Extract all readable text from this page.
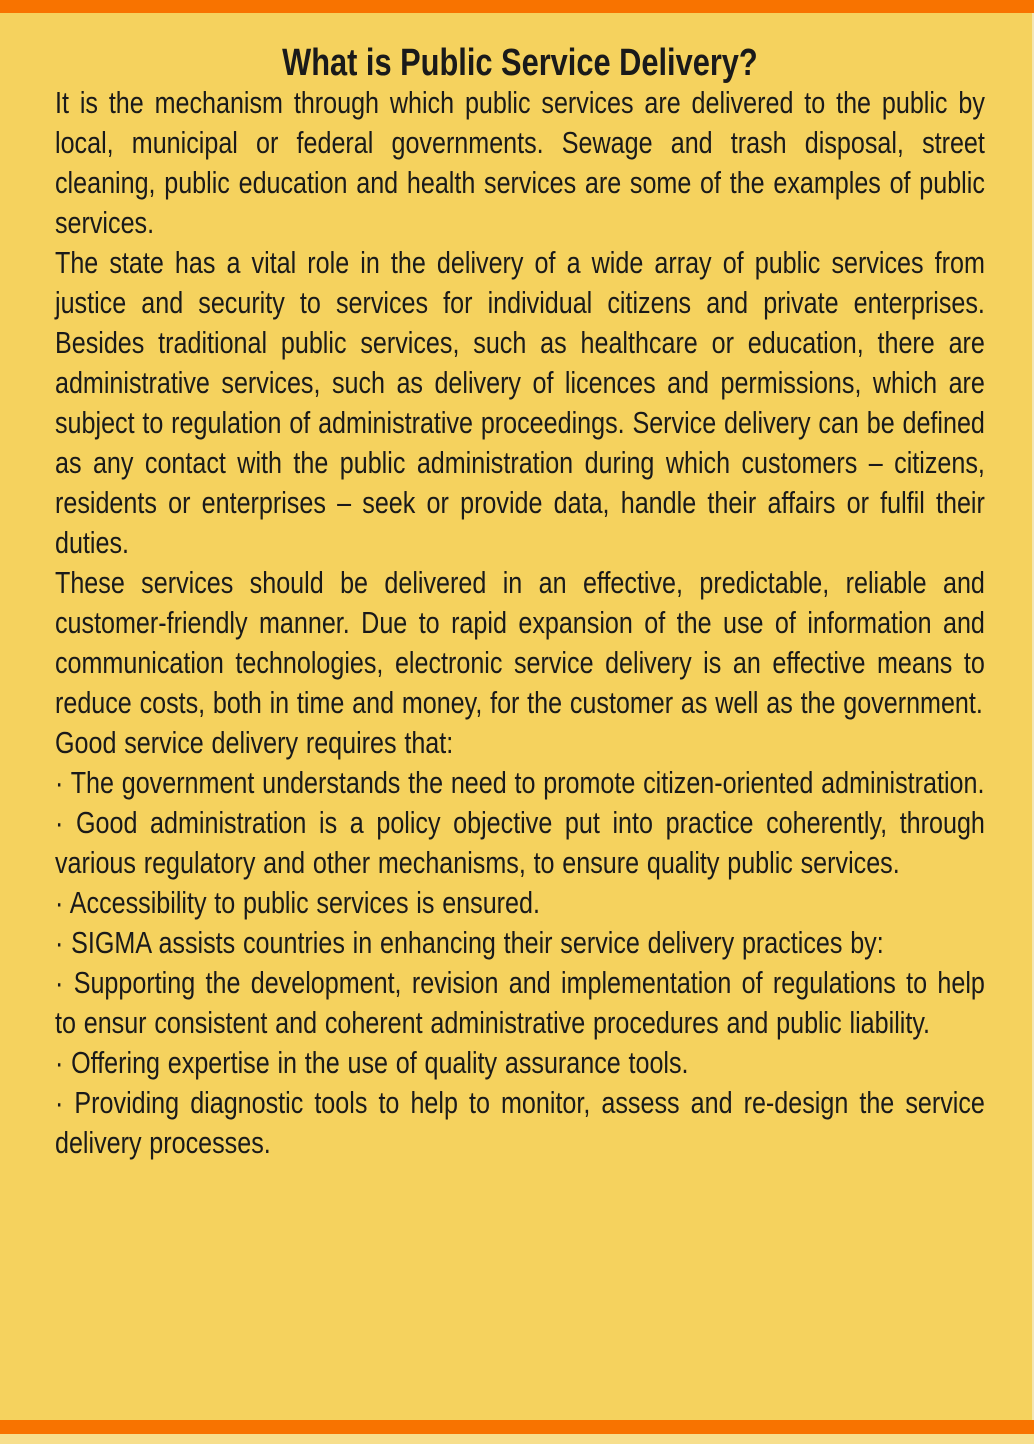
What is Public Service Delivery?

It is the mechanism through which public services are delivered to the public by local, municipal or federal governments. Sewage and trash disposal, street cleaning, public education and health services are some of the examples of public services.

The state has a vital role in the delivery of a wide array of public services from justice and security to services for individual citizens and private enterprises. Besides traditional public services, such as healthcare or education, there are administrative services, such as delivery of licences and permissions, which are subject to regulation of administrative proceedings. Service delivery can be defined as any contact with the public administration during which customers – citizens, residents or enterprises – seek or provide data, handle their affairs or fulfil their duties.

These services should be delivered in an effective, predictable, reliable and customer-friendly manner. Due to rapid expansion of the use of information and communication technologies, electronic service delivery is an effective means to reduce costs, both in time and money, for the customer as well as the government.

Good service delivery requires that:

· The government understands the need to promote citizen-oriented administration.

· Good administration is a policy objective put into practice coherently, through various regulatory and other mechanisms, to ensure quality public services.

· Accessibility to public services is ensured.

· SIGMA assists countries in enhancing their service delivery practices by:

· Supporting the development, revision and implementation of regulations to help to ensur consistent and coherent administrative procedures and public liability.

· Offering expertise in the use of quality assurance tools.

· Providing diagnostic tools to help to monitor, assess and re-design the service delivery processes.
